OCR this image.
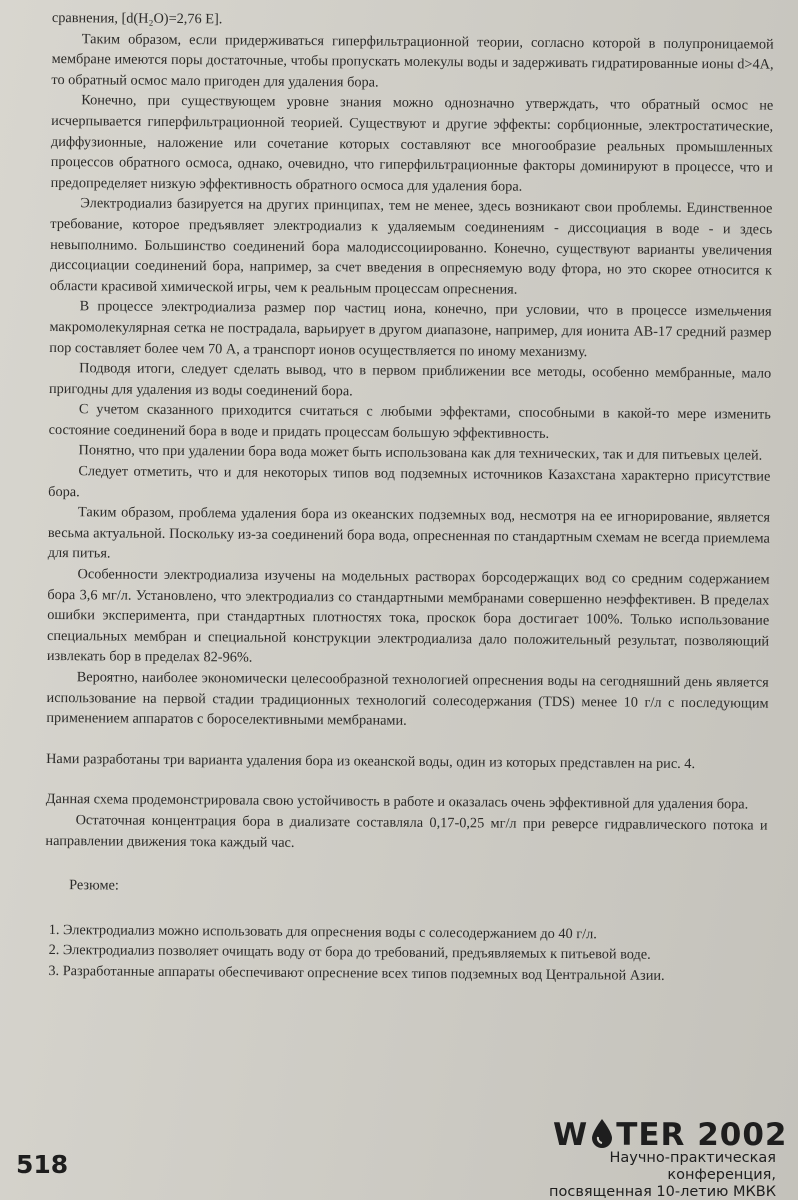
сравнения, [d(H₂O)=2,76 E].

Таким образом, если придерживаться гиперфильтрационной теории, согласно которой в полупроницаемой мембране имеются поры достаточные, чтобы пропускать молекулы воды и задерживать гидратированные ионы d>4A, то обратный осмос мало пригоден для удаления бора.

Конечно, при существующем уровне знания можно однозначно утверждать, что обратный осмос не исчерпывается гиперфильтрационной теорией. Существуют и другие эффекты: сорбционные, электростатические, диффузионные, наложение или сочетание которых составляют все многообразие реальных промышленных процессов обратного осмоса, однако, очевидно, что гиперфильтрационные факторы доминируют в процессе, что и предопределяет низкую эффективность обратного осмоса для удаления бора.

Электродиализ базируется на других принципах, тем не менее, здесь возникают свои проблемы. Единственное требование, которое предъявляет электродиализ к удаляемым соединениям - диссоциация в воде - и здесь невыполнимо. Большинство соединений бора малодиссоциированно. Конечно, существуют варианты увеличения диссоциации соединений бора, например, за счет введения в опресняемую воду фтора, но это скорее относится к области красивой химической игры, чем к реальным процессам опреснения.

В процессе электродиализа размер пор частиц иона, конечно, при условии, что в процессе измельчения макромолекулярная сетка не пострадала, варьирует в другом диапазоне, например, для ионита АВ-17 средний размер пор составляет более чем 70 А, а транспорт ионов осуществляется по иному механизму.

Подводя итоги, следует сделать вывод, что в первом приближении все методы, особенно мембранные, мало пригодны для удаления из воды соединений бора.

С учетом сказанного приходится считаться с любыми эффектами, способными в какой-то мере изменить состояние соединений бора в воде и придать процессам большую эффективность.

Понятно, что при удалении бора вода может быть использована как для технических, так и для питьевых целей.

Следует отметить, что и для некоторых типов вод подземных источников Казахстана характерно присутствие бора.

Таким образом, проблема удаления бора из океанских подземных вод, несмотря на ее игнорирование, является весьма актуальной. Поскольку из-за соединений бора вода, опресненная по стандартным схемам не всегда приемлема для питья.

Особенности электродиализа изучены на модельных растворах борсодержащих вод со средним содержанием бора 3,6 мг/л. Установлено, что электродиализ со стандартными мембранами совершенно неэффективен. В пределах ошибки эксперимента, при стандартных плотностях тока, проскок бора достигает 100%. Только использование специальных мембран и специальной конструкции электродиализа дало положительный результат, позволяющий извлекать бор в пределах 82-96%.

Вероятно, наиболее экономически целесообразной технологией опреснения воды на сегодняшний день является использование на первой стадии традиционных технологий солесодержания (TDS) менее 10 г/л с последующим применением аппаратов с бороселективными мембранами.

Нами разработаны три варианта удаления бора из океанской воды, один из которых представлен на рис. 4.

Данная схема продемонстрировала свою устойчивость в работе и оказалась очень эффективной для удаления бора.

Остаточная концентрация бора в диализате составляла 0,17-0,25 мг/л при реверсе гидравлического потока и направлении движения тока каждый час.

Резюме:

1. Электродиализ можно использовать для опреснения воды с солесодержанием до 40 г/л.
2. Электродиализ позволяет очищать воду от бора до требований, предъявляемых к питьевой воде.
3. Разработанные аппараты обеспечивают опреснение всех типов подземных вод Центральной Азии.
W TER 2002
Научно-практическая конференция,
посвященная 10-летию МКВК
518
